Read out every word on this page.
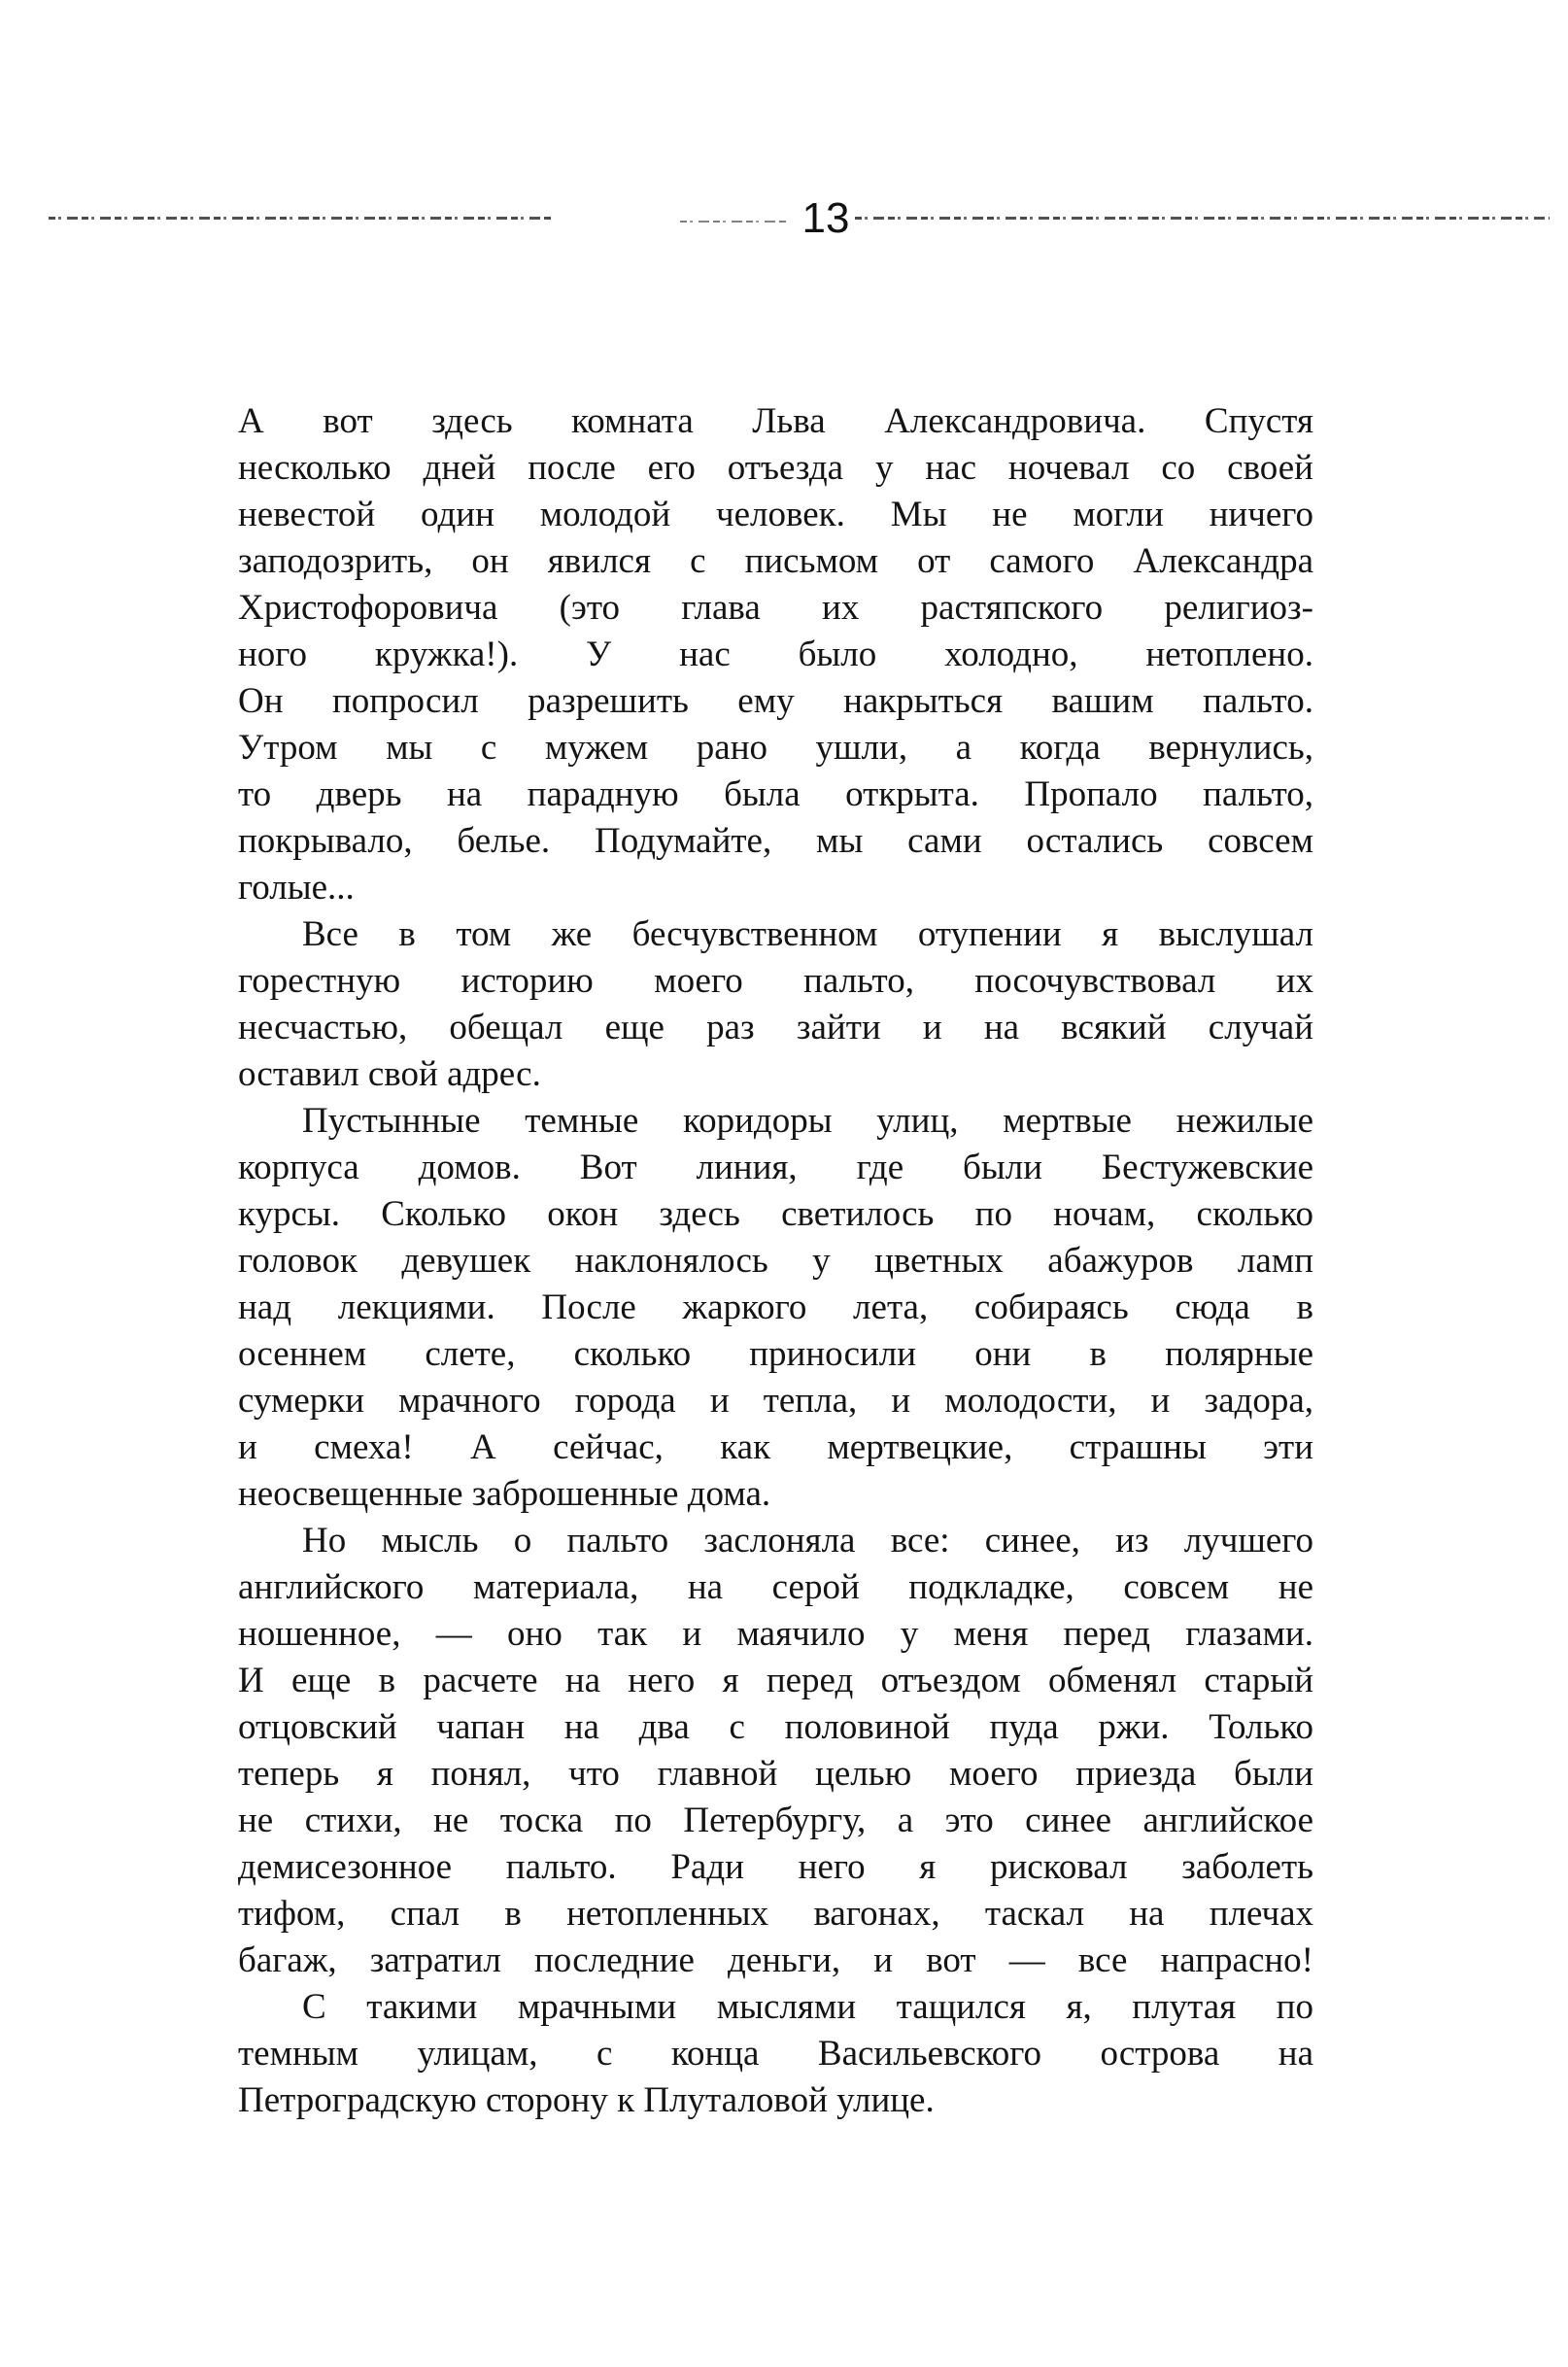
13
А вот здесь комната Льва Александровича. Спустя
несколько дней после его отъезда у нас ночевал со своей
невестой один молодой человек. Мы не могли ничего
заподозрить, он явился с письмом от самого Александра
Христофоровича (это глава их растяпского религиоз-
ного кружка!). У нас было холодно, нетоплено.
Он попросил разрешить ему накрыться вашим пальто.
Утром мы с мужем рано ушли, а когда вернулись,
то дверь на парадную была открыта. Пропало пальто,
покрывало, белье. Подумайте, мы сами остались совсем
голые...
Все в том же бесчувственном отупении я выслушал
горестную историю моего пальто, посочувствовал их
несчастью, обещал еще раз зайти и на всякий случай
оставил свой адрес.
Пустынные темные коридоры улиц, мертвые нежилые
корпуса домов. Вот линия, где были Бестужевские
курсы. Сколько окон здесь светилось по ночам, сколько
головок девушек наклонялось у цветных абажуров ламп
над лекциями. После жаркого лета, собираясь сюда в
осеннем слете, сколько приносили они в полярные
сумерки мрачного города и тепла, и молодости, и задора,
и смеха! А сейчас, как мертвецкие, страшны эти
неосвещенные заброшенные дома.
Но мысль о пальто заслоняла все: синее, из лучшего
английского материала, на серой подкладке, совсем не
ношенное, — оно так и маячило у меня перед глазами.
И еще в расчете на него я перед отъездом обменял старый
отцовский чапан на два с половиной пуда ржи. Только
теперь я понял, что главной целью моего приезда были
не стихи, не тоска по Петербургу, а это синее английское
демисезонное пальто. Ради него я рисковал заболеть
тифом, спал в нетопленных вагонах, таскал на плечах
багаж, затратил последние деньги, и вот — все напрасно!
С такими мрачными мыслями тащился я, плутая по
темным улицам, с конца Васильевского острова на
Петроградскую сторону к Плуталовой улице.
